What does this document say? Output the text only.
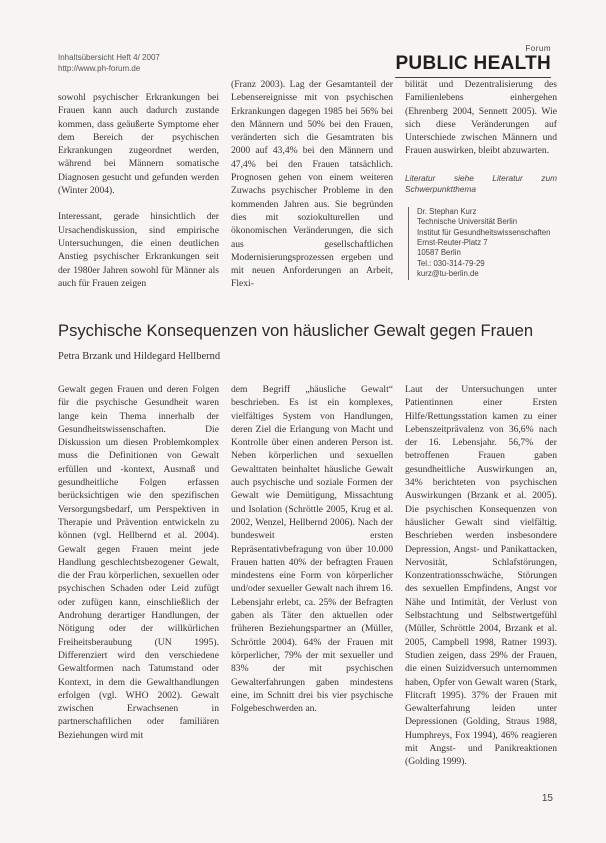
Inhaltsübersicht Heft 4/ 2007
http://www.ph-forum.de
Forum
PUBLIC HEALTH

sowohl psychischer Erkrankungen bei Frauen kann auch dadurch zustande kommen, dass geäußerte Symptome eher dem Bereich der psychischen Erkrankungen zugeordnet werden, während bei Männern somatische Diagnosen gesucht und gefunden werden (Winter 2004).

Interessant, gerade hinsichtlich der Ursachendiskussion, sind empirische Untersuchungen, die einen deutlichen Anstieg psychischer Erkrankungen seit der 1980er Jahren sowohl für Männer als auch für Frauen zeigen

(Franz 2003). Lag der Gesamtanteil der Lebensereignisse mit von psychischen Erkrankungen dagegen 1985 bei 56% bei den Männern und 50% bei den Frauen, veränderten sich die Gesamtraten bis 2000 auf 43,4% bei den Männern und 47,4% bei den Frauen tatsächlich. Prognosen gehen von einem weiteren Zuwachs psychischer Probleme in den kommenden Jahren aus. Sie begründen dies mit soziokulturellen und ökonomischen Veränderungen, die sich aus gesellschaftlichen Modernisierungsprozessen ergeben und mit neuen Anforderungen an Arbeit, Flexi-

bilität und Dezentralisierung des Familienlebens einhergehen (Ehrenberg 2004, Sennett 2005). Wie sich diese Veränderungen auf Unterschiede zwischen Männern und Frauen auswirken, bleibt abzuwarten.

Literatur siehe Literatur zum Schwerpunktthema
Dr. Stephan Kurz
Technische Universität Berlin
Institut für Gesundheitswissenschaften
Ernst-Reuter-Platz 7
10587 Berlin
Tel.: 030-314-79-29
kurz@tu-berlin.de
Psychische Konsequenzen von häuslicher Gewalt gegen Frauen
Petra Brzank und Hildegard Hellbernd

Gewalt gegen Frauen und deren Folgen für die psychische Gesundheit waren lange kein Thema innerhalb der Gesundheitswissenschaften. Die Diskussion um diesen Problemkomplex muss die Definitionen von Gewalt erfüllen und -kontext, Ausmaß und gesundheitliche Folgen erfassen berücksichtigen wie den spezifischen Versorgungsbedarf, um Perspektiven in Therapie und Prävention entwickeln zu können (vgl. Hellbernd et al. 2004). Gewalt gegen Frauen meint jede Handlung geschlechtsbezogener Gewalt, die der Frau körperlichen, sexuellen oder psychischen Schaden oder Leid zufügt oder zufügen kann, einschließlich der Androhung derartiger Handlungen, der Nötigung oder der willkürlichen Freiheitsberaubung (UN 1995). Differenziert wird den verschiedene Gewaltformen nach Tatumstand oder Kontext, in dem die Gewalthandlungen erfolgen (vgl. WHO 2002). Gewalt zwischen Erwachsenen in partnerschaftlichen oder familiären Beziehungen wird mit

dem Begriff „häusliche Gewalt“ beschrieben. Es ist ein komplexes, vielfältiges System von Handlungen, deren Ziel die Erlangung von Macht und Kontrolle über einen anderen Person ist. Neben körperlichen und sexuellen Gewalttaten beinhaltet häusliche Gewalt auch psychische und soziale Formen der Gewalt wie Demütigung, Missachtung und Isolation (Schröttle 2005, Krug et al. 2002, Wenzel, Hellbernd 2006). Nach der bundesweit ersten Repräsentativbefragung von über 10.000 Frauen hatten 40% der befragten Frauen mindestens eine Form von körperlicher und/oder sexueller Gewalt nach ihrem 16. Lebensjahr erlebt, ca. 25% der Befragten gaben als Täter den aktuellen oder früheren Beziehungspartner an (Müller, Schröttle 2004). 64% der Frauen mit körperlicher, 79% der mit sexueller und 83% der mit psychischen Gewalterfahrungen gaben mindestens eine, im Schnitt drei bis vier psychische Folgebeschwerden an.

Laut der Untersuchungen unter Patientinnen einer Ersten Hilfe/Rettungsstation kamen zu einer Lebenszeitprävalenz von 36,6% nach der 16. Lebensjahr. 56,7% der betroffenen Frauen gaben gesundheitliche Auswirkungen an, 34% berichteten von psychischen Auswirkungen (Brzank et al. 2005). Die psychischen Konsequenzen von häuslicher Gewalt sind vielfältig. Beschrieben werden insbesondere Depression, Angst- und Panikattacken, Nervosität, Schlafstörungen, Konzentrationsschwäche, Störungen des sexuellen Empfindens, Angst vor Nähe und Intimität, der Verlust von Selbstachtung und Selbstwertgefühl (Müller, Schröttle 2004, Brzank et al. 2005, Campbell 1998, Ratner 1993). Studien zeigen, dass 29% der Frauen, die einen Suizidversuch unternommen haben, Opfer von Gewalt waren (Stark, Flitcraft 1995). 37% der Frauen mit Gewalterfahrung leiden unter Depressionen (Golding, Straus 1988, Humphreys, Fox 1994), 46% reagieren mit Angst- und Panikreaktionen (Golding 1999).

15
